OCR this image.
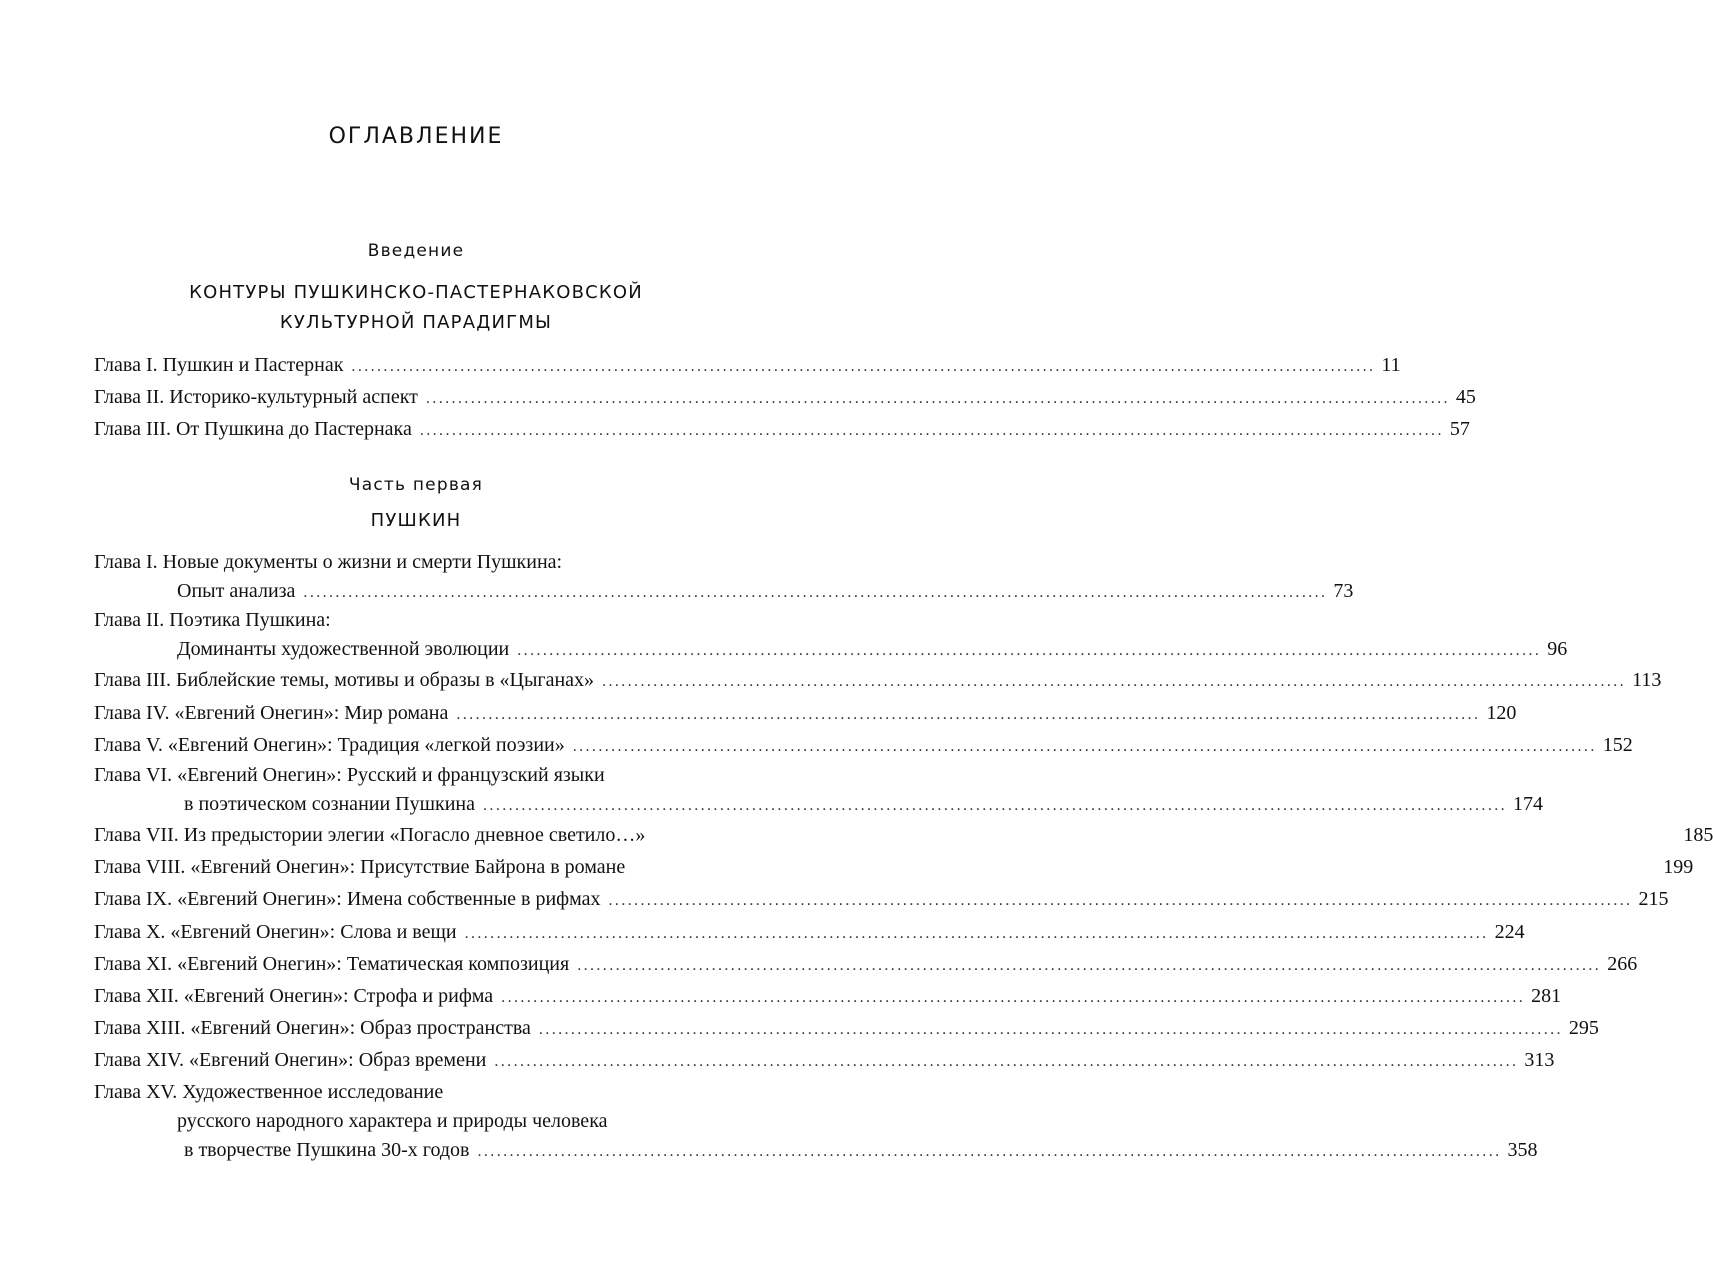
ОГЛАВЛЕНИЕ
Введение
КОНТУРЫ ПУШКИНСКО-ПАСТЕРНАКОВСКОЙ
КУЛЬТУРНОЙ ПАРАДИГМЫ
Глава I. Пушкин и Пастернак ................................................................................................................................................................ 11
Глава II. Историко-культурный аспект ................................................................................................................................................................ 45
Глава III. От Пушкина до Пастернака ................................................................................................................................................................ 57
Часть первая
ПУШКИН
Глава I. Новые документы о жизни и смерти Пушкина:
Опыт анализа ................................................................................................................................................................ 73
Глава II. Поэтика Пушкина:
Доминанты художественной эволюции ................................................................................................................................................................ 96
Глава III. Библейские темы, мотивы и образы в «Цыганах» ................................................................................................................................................................ 113
Глава IV. «Евгений Онегин»: Мир романа ................................................................................................................................................................ 120
Глава V. «Евгений Онегин»: Традиция «легкой поэзии» ................................................................................................................................................................ 152
Глава VI. «Евгений Онегин»: Русский и французский языки
в поэтическом сознании Пушкина ................................................................................................................................................................ 174
Глава VII. Из предыстории элегии «Погасло дневное светило…»	185
Глава VIII. «Евгений Онегин»: Присутствие Байрона в романе	199
Глава IX. «Евгений Онегин»: Имена собственные в рифмах ................................................................................................................................................................ 215
Глава X. «Евгений Онегин»: Слова и вещи ................................................................................................................................................................ 224
Глава XI. «Евгений Онегин»: Тематическая композиция ................................................................................................................................................................ 266
Глава XII. «Евгений Онегин»: Строфа и рифма ................................................................................................................................................................ 281
Глава XIII. «Евгений Онегин»: Образ пространства ................................................................................................................................................................ 295
Глава XIV. «Евгений Онегин»: Образ времени ................................................................................................................................................................ 313
Глава XV. Художественное исследование
русского народного характера и природы человека
в творчестве Пушкина 30-х годов ................................................................................................................................................................ 358
